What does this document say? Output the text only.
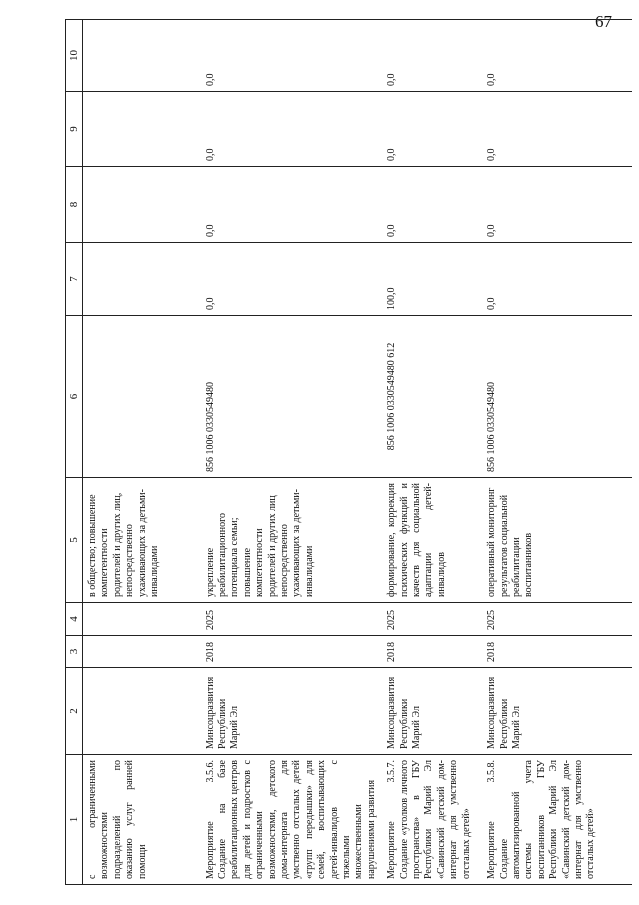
67
1	2	3	4	5	6	7	8	9	10
с ограниченными возможностями подразделений по оказанию услуг ранней помощи				в общество; повышение компетентности родителей и других лиц, непосредственно ухаживающих за детьми-инвалидами					
Мероприятие 3.5.6. Создание на базе реабилитационных центров для детей и подростков с ограниченными возможностями, детского дома-интерната для умственно отсталых детей «групп передышки» для семей, воспитывающих детей-инвалидов с тяжелыми множественными нарушениями развития	Минсоцразвития Республики Марий Эл	2018	2025	укрепление реабилитационного потенциала семьи; повышение компетентности родителей и других лиц непосредственно ухаживающих за детьми-инвалидами	856 1006 0330549480	0,0	0,0	0,0	0,0
Мероприятие 3.5.7. Создание «уголков личного пространства» в ГБУ Республики Марий Эл «Савинский детский дом-интернат для умственно отсталых детей»	Минсоцразвития Республики Марий Эл	2018	2025	формирование, коррекция психических функций и качеств для социальной адаптации детей-инвалидов	856 1006 0330549480 612	100,0	0,0	0,0	0,0
Мероприятие 3.5.8. Создание автоматизированной системы учета воспитанников ГБУ Республики Марий Эл «Савинский детский дом-интернат для умственно отсталых детей»	Минсоцразвития Республики Марий Эл	2018	2025	оперативный мониторинг результатов социальной реабилитации воспитанников	856 1006 0330549480	0,0	0,0	0,0	0,0
